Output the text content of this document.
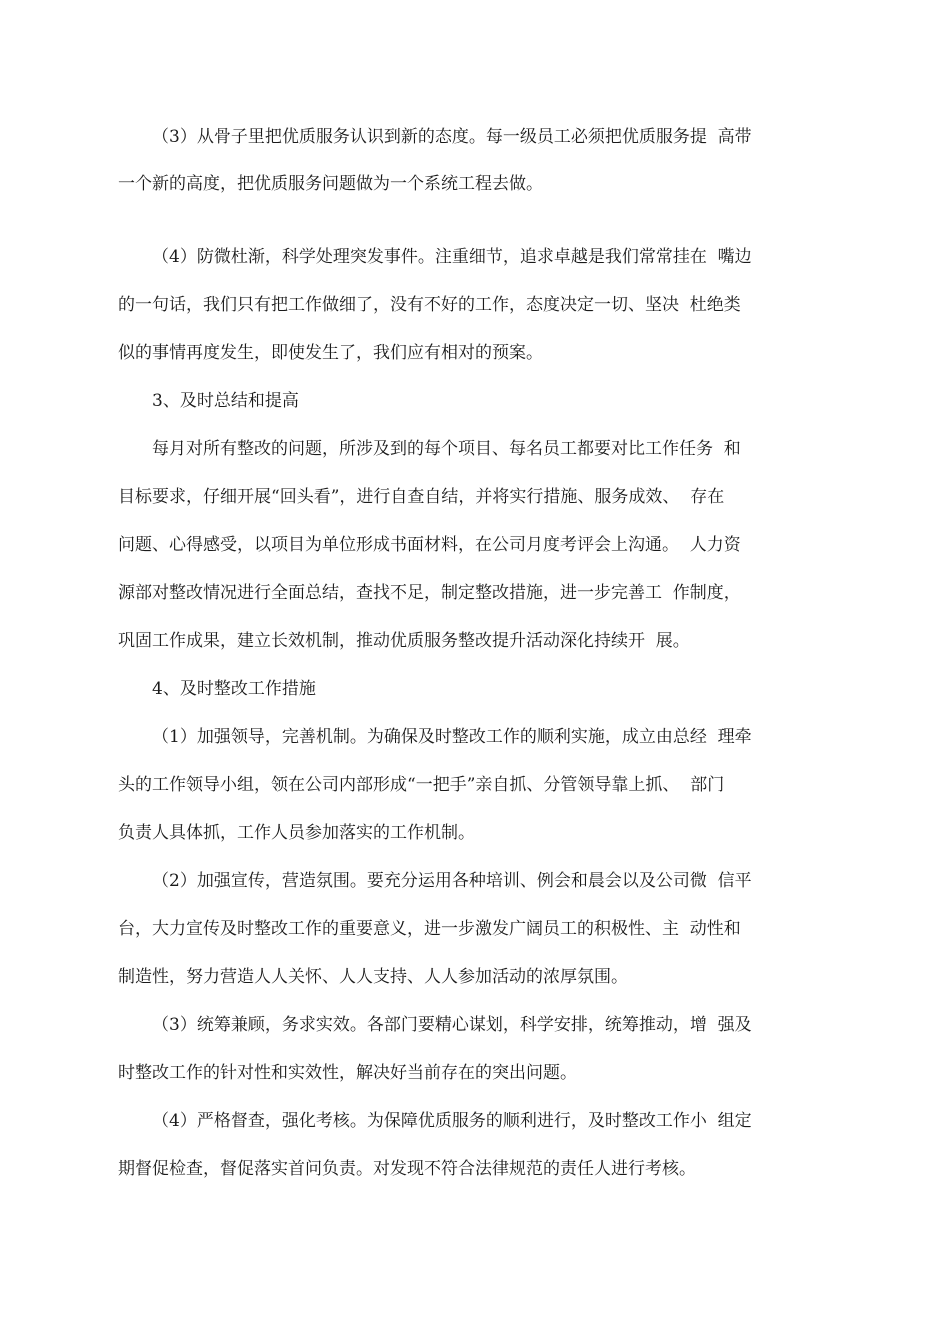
（3）从骨子里把优质服务认识到新的态度。每一级员工必须把优质服务提  高带

一个新的高度，把优质服务问题做为一个系统工程去做。

（4）防微杜渐，科学处理突发事件。注重细节，追求卓越是我们常常挂在  嘴边

的一句话，我们只有把工作做细了，没有不好的工作，态度决定一切、坚决  杜绝类

似的事情再度发生，即使发生了，我们应有相对的预案。

3、及时总结和提高

每月对所有整改的问题，所涉及到的每个项目、每名员工都要对比工作任务  和

目标要求，仔细开展“回头看”，进行自查自结，并将实行措施、服务成效、  存在

问题、心得感受，以项目为单位形成书面材料，在公司月度考评会上沟通。  人力资

源部对整改情况进行全面总结，查找不足，制定整改措施，进一步完善工  作制度，

巩固工作成果，建立长效机制，推动优质服务整改提升活动深化持续开  展。

4、及时整改工作措施

（1）加强领导，完善机制。为确保及时整改工作的顺利实施，成立由总经  理牵

头的工作领导小组，领在公司内部形成“一把手”亲自抓、分管领导靠上抓、  部门

负责人具体抓，工作人员参加落实的工作机制。

（2）加强宣传，营造氛围。要充分运用各种培训、例会和晨会以及公司微  信平

台，大力宣传及时整改工作的重要意义，进一步激发广阔员工的积极性、主  动性和

制造性，努力营造人人关怀、人人支持、人人参加活动的浓厚氛围。

（3）统筹兼顾，务求实效。各部门要精心谋划，科学安排，统筹推动，增  强及

时整改工作的针对性和实效性，解决好当前存在的突出问题。

（4）严格督查，强化考核。为保障优质服务的顺利进行，及时整改工作小  组定

期督促检查，督促落实首问负责。对发现不符合法律规范的责任人进行考核。
